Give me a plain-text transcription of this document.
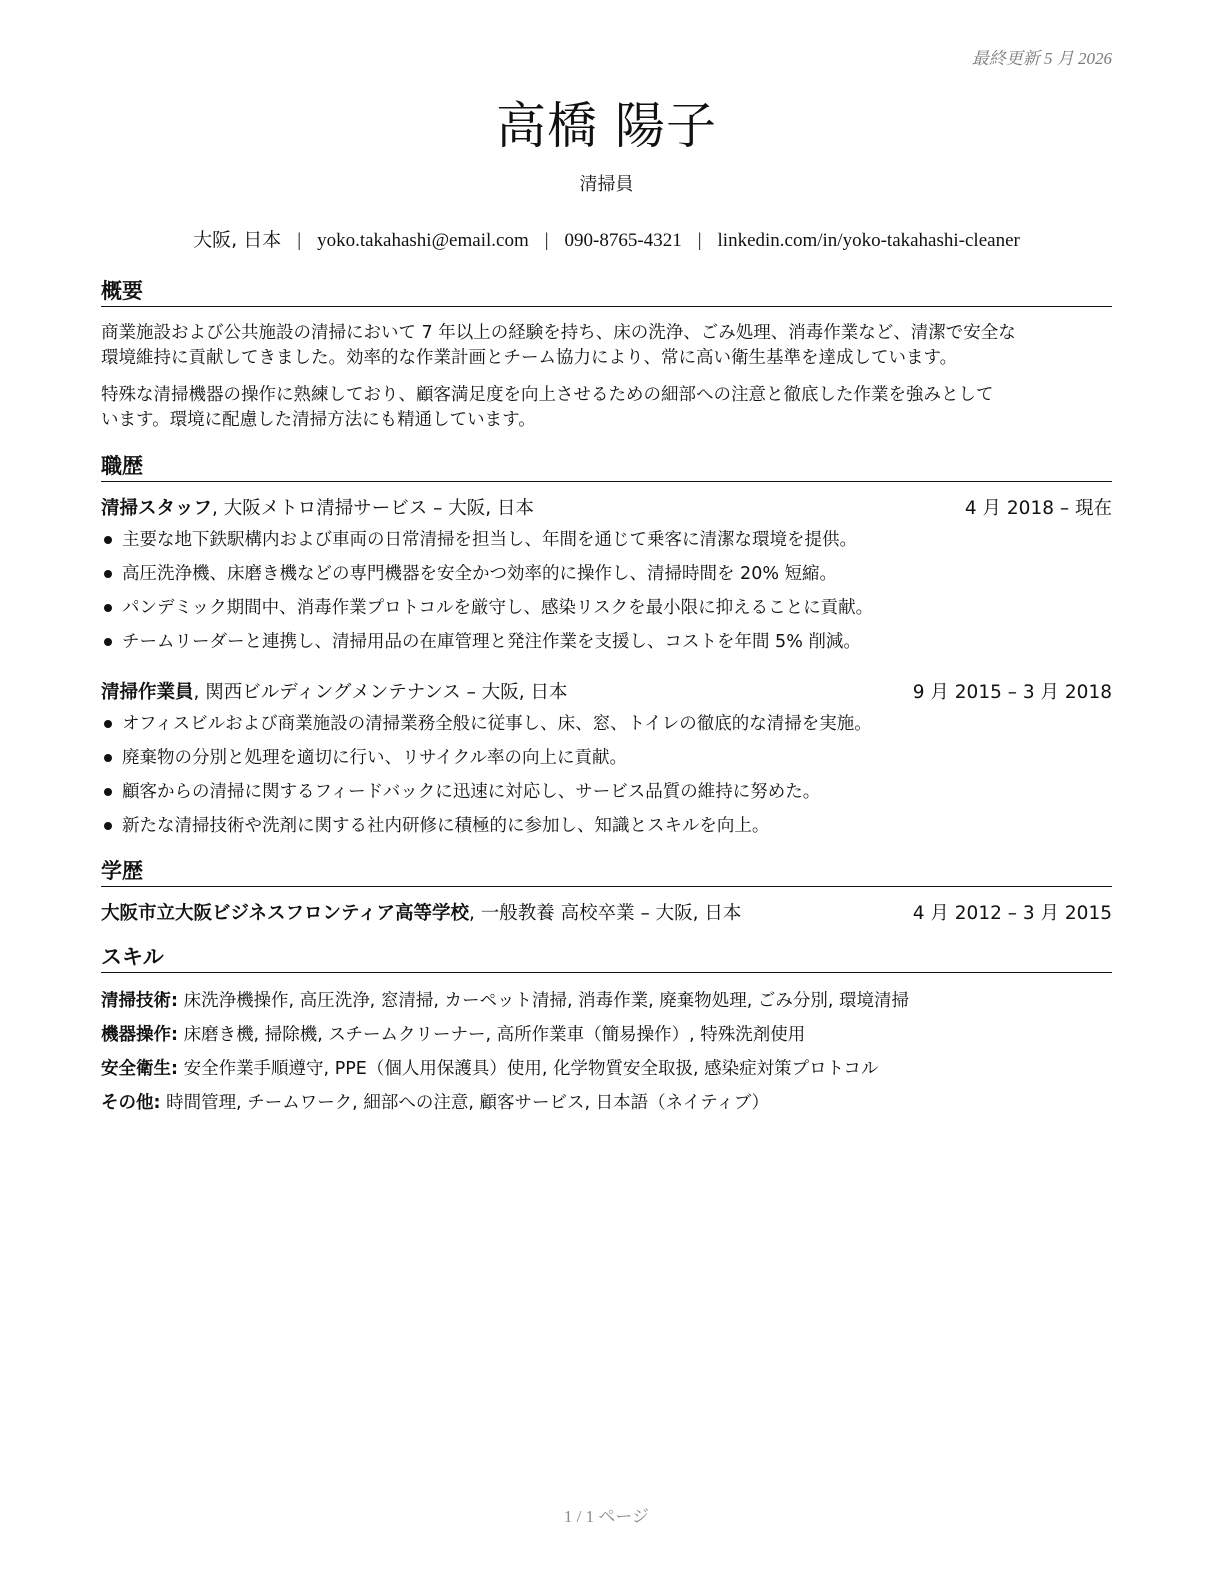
最終更新 5 月 2026
高橋 陽子
清掃員
大阪, 日本 | yoko.takahashi@email.com | 090-8765-4321 | linkedin.com/in/yoko-takahashi-cleaner
概要
商業施設および公共施設の清掃において 7 年以上の経験を持ち、床の洗浄、ごみ処理、消毒作業など、清潔で安全な
環境維持に貢献してきました。効率的な作業計画とチーム協力により、常に高い衛生基準を達成しています。
特殊な清掃機器の操作に熟練しており、顧客満足度を向上させるための細部への注意と徹底した作業を強みとして
います。環境に配慮した清掃方法にも精通しています。
職歴
清掃スタッフ, 大阪メトロ清掃サービス – 大阪, 日本	4 月 2018 – 現在
主要な地下鉄駅構内および車両の日常清掃を担当し、年間を通じて乗客に清潔な環境を提供。
高圧洗浄機、床磨き機などの専門機器を安全かつ効率的に操作し、清掃時間を 20% 短縮。
パンデミック期間中、消毒作業プロトコルを厳守し、感染リスクを最小限に抑えることに貢献。
チームリーダーと連携し、清掃用品の在庫管理と発注作業を支援し、コストを年間 5% 削減。
清掃作業員, 関西ビルディングメンテナンス – 大阪, 日本	9 月 2015 – 3 月 2018
オフィスビルおよび商業施設の清掃業務全般に従事し、床、窓、トイレの徹底的な清掃を実施。
廃棄物の分別と処理を適切に行い、リサイクル率の向上に貢献。
顧客からの清掃に関するフィードバックに迅速に対応し、サービス品質の維持に努めた。
新たな清掃技術や洗剤に関する社内研修に積極的に参加し、知識とスキルを向上。
学歴
大阪市立大阪ビジネスフロンティア高等学校, 一般教養 高校卒業 – 大阪, 日本	4 月 2012 – 3 月 2015
スキル
清掃技術: 床洗浄機操作, 高圧洗浄, 窓清掃, カーペット清掃, 消毒作業, 廃棄物処理, ごみ分別, 環境清掃
機器操作: 床磨き機, 掃除機, スチームクリーナー, 高所作業車（簡易操作）, 特殊洗剤使用
安全衛生: 安全作業手順遵守, PPE（個人用保護具）使用, 化学物質安全取扱, 感染症対策プロトコル
その他: 時間管理, チームワーク, 細部への注意, 顧客サービス, 日本語（ネイティブ）
1 / 1 ページ
